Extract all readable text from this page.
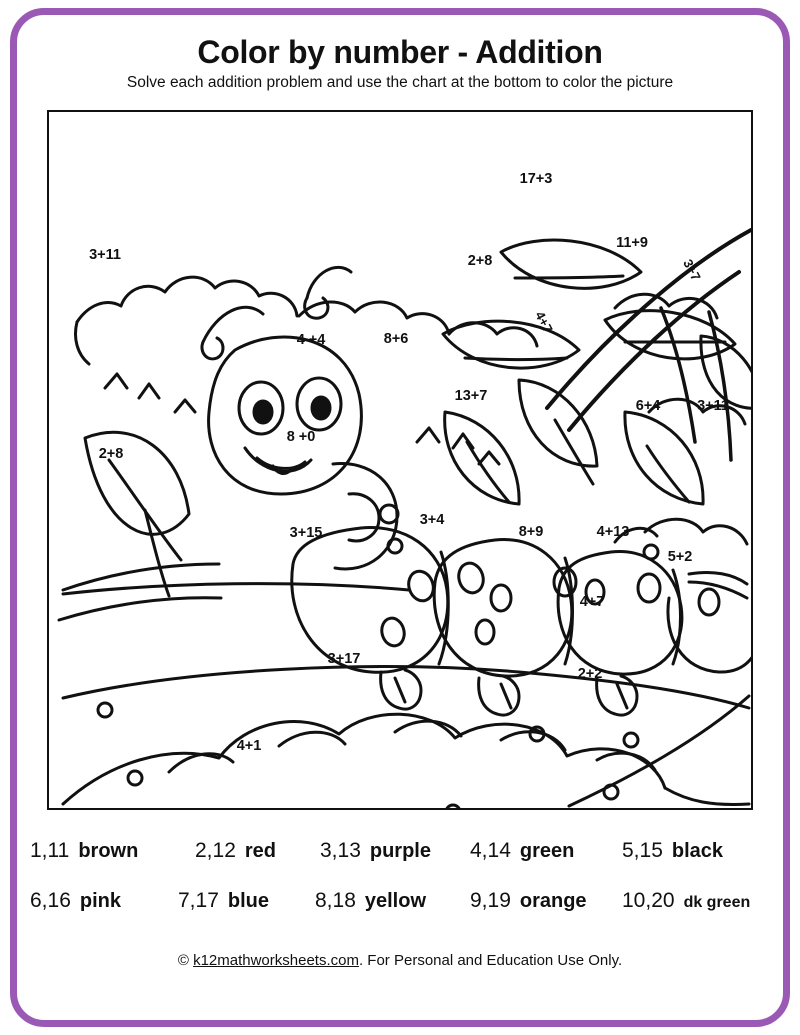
Color by number - Addition
Solve each addition problem and use the chart at the bottom to color the picture
3+11
17+3
2+8
11+9
3+7
4+7
4 +4	8+6
13+7
6+4	3+11
2+8
8 +0
3+15
3+4
8+9	4+13
5+2
4+7
3+17
2+2
4+1
1,11 brown	2,12 red 3,13 purple 4,14 green 5,15 black
6,16 pink	7,17 blue 8,18 yellow 9,19 orange 10,20 dk green
© k12mathworksheets.com. For Personal and Education Use Only.
